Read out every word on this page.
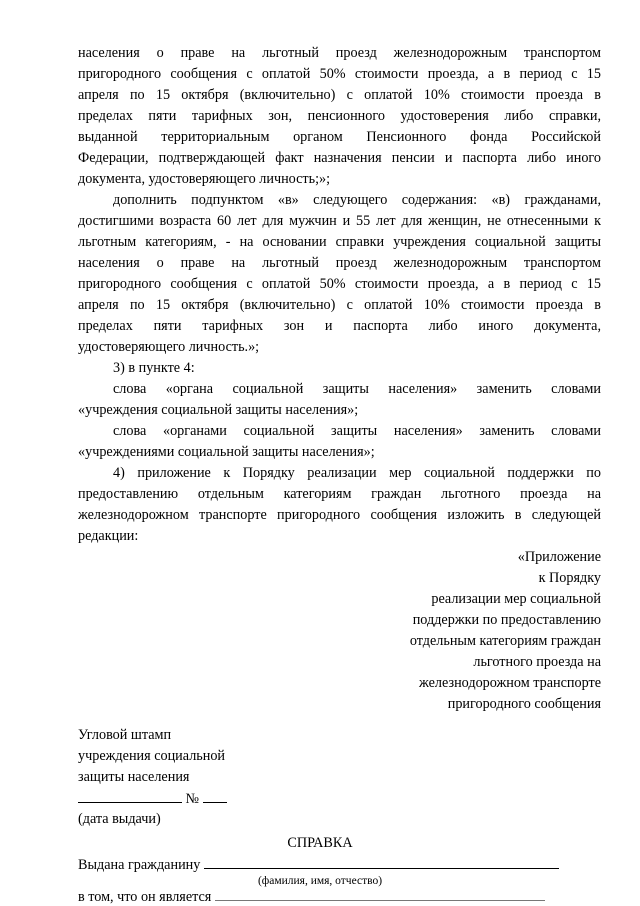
населения о праве на льготный проезд железнодорожным транспортом
пригородного сообщения с оплатой 50% стоимости проезда, а в период с 15
апреля по 15 октября (включительно) с оплатой 10% стоимости проезда в
пределах пяти тарифных зон, пенсионного удостоверения либо справки,
выданной территориальным органом Пенсионного фонда Российской
Федерации, подтверждающей факт назначения пенсии и паспорта либо иного
документа, удостоверяющего личность;»;
дополнить подпунктом «в» следующего содержания: «в) гражданами,
достигшими возраста 60 лет для мужчин и 55 лет для женщин, не отнесенными к
льготным категориям, - на основании справки учреждения социальной защиты
населения о праве на льготный проезд железнодорожным транспортом
пригородного сообщения с оплатой 50% стоимости проезда, а в период с 15
апреля по 15 октября (включительно) с оплатой 10% стоимости проезда в
пределах пяти тарифных зон и паспорта либо иного документа,
удостоверяющего личность.»;
3) в пункте 4:
слова «органа социальной защиты населения» заменить словами
«учреждения социальной защиты населения»;
слова «органами социальной защиты населения» заменить словами
«учреждениями социальной защиты населения»;
4) приложение к Порядку реализации мер социальной поддержки по
предоставлению отдельным категориям граждан льготного проезда на
железнодорожном транспорте пригородного сообщения изложить в следующей
редакции:
«Приложение
к Порядку
реализации мер социальной
поддержки по предоставлению
отдельным категориям граждан
льготного проезда на
железнодорожном транспорте
пригородного сообщения
Угловой штамп
учреждения социальной
защиты населения
№
(дата выдачи)
СПРАВКА
Выдана гражданину
(фамилия, имя, отчество)
в том, что он является
